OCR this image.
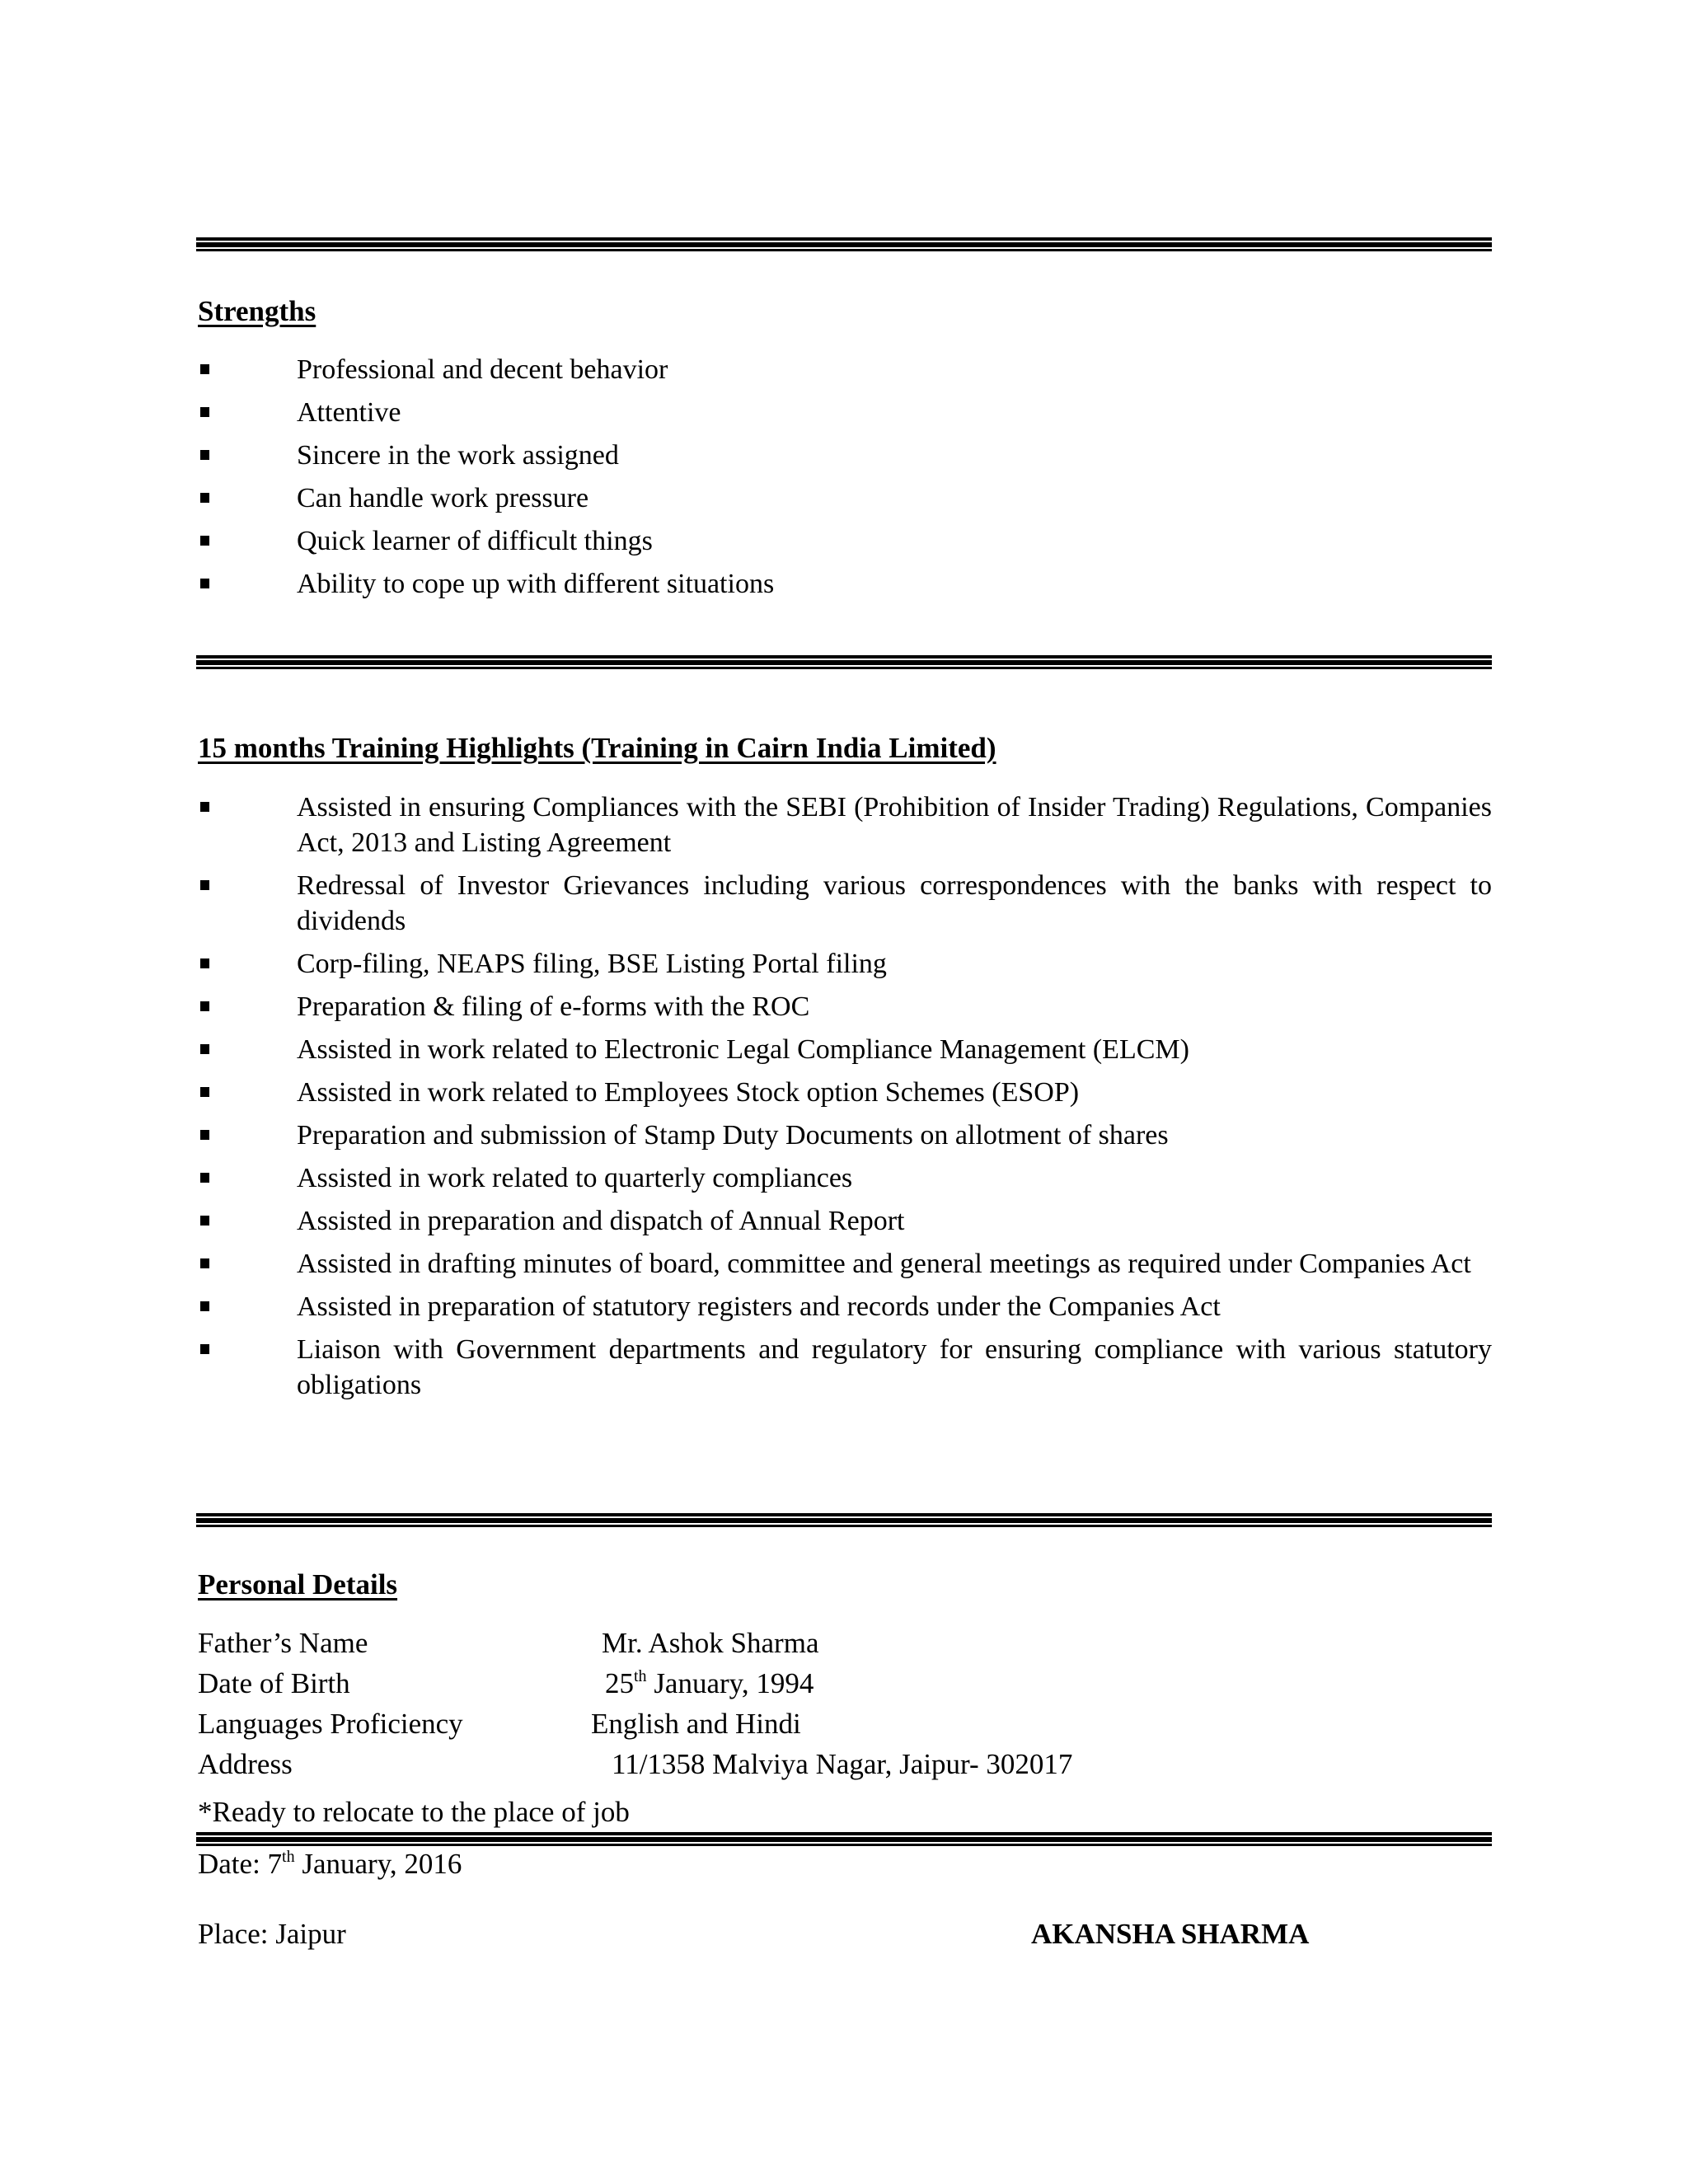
Strengths
Professional and decent behavior
Attentive
Sincere in the work assigned
Can handle work pressure
Quick learner of difficult things
Ability to cope up with different situations
15 months Training Highlights (Training in Cairn India Limited)
Assisted in ensuring Compliances with the SEBI (Prohibition of Insider Trading) Regulations, Companies Act, 2013 and Listing Agreement
Redressal of Investor Grievances including various correspondences with the banks with respect to dividends
Corp-filing, NEAPS filing, BSE Listing Portal filing
Preparation & filing of e-forms with the ROC
Assisted in work related to Electronic Legal Compliance Management (ELCM)
Assisted in work related to Employees Stock option Schemes (ESOP)
Preparation and submission of Stamp Duty Documents on allotment of shares
Assisted in work related to quarterly compliances
Assisted in preparation and dispatch of Annual Report
Assisted in drafting minutes of board, committee and general meetings as required under Companies Act
Assisted in preparation of statutory registers and records under the Companies Act
Liaison with Government departments and regulatory for ensuring compliance with various statutory obligations
Personal Details
Father’s Name	Mr. Ashok Sharma
Date of Birth	25th January, 1994
Languages Proficiency	English and Hindi
Address	11/1358 Malviya Nagar, Jaipur- 302017
*Ready to relocate to the place of job
Date: 7th January, 2016
Place: Jaipur	AKANSHA SHARMA
